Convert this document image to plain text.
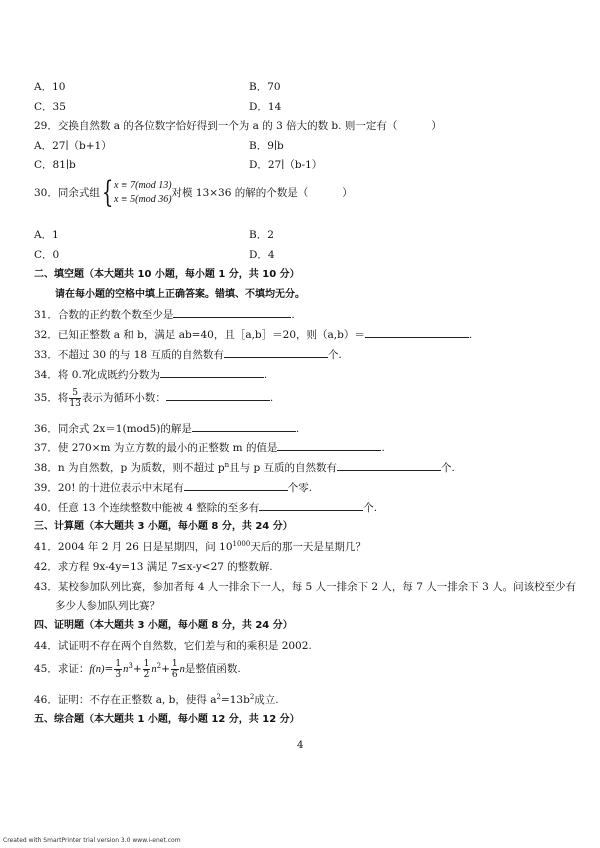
A．10	B．70
C．35	D．14
29．交换自然数 a 的各位数字恰好得到一个为 a 的 3 倍大的数 b. 则一定有（	）
A．27∣（b+1）	B．9∣b
C．81∣b	D．27∣（b-1）
30．同余式组{ x ≡ 7(mod 13)
x ≡ 5(mod 36)
对模 13×36 的解的个数是（	）
A．1	B．2
C．0	D．4
二、填空题（本大题共 10 小题，每小题 1 分，共 10 分）
请在每小题的空格中填上正确答案。错填、不填均无分。
31．合数的正约数个数至少是	.
32．已知正整数 a 和 b，满足 ab=40，且［a,b］＝20，则（a,b）＝	.
33．不超过 30 的与 18 互质的自然数有	个.
34．将 0.7化成既约分数为	.
35．将 $\frac{5}{13}$ 表示为循环小数：	.
36．同余式 2x＝1(mod5)的解是	.
37．使 270×m 为立方数的最小的正整数 m 的值是	.
38．n 为自然数，p 为质数，则不超过 $p^n$且与 p 互质的自然数有	个.
39．20! 的十进位表示中末尾有	个零.
40．任意 13 个连续整数中能被 4 整除的至多有	个.
三、计算题（本大题共 3 小题，每小题 8 分，共 24 分）
41．2004 年 2 月 26 日是星期四，问 $10^{1000}$天后的那一天是星期几？
42．求方程 9x-4y=13 满足 7≤x-y<27 的整数解.
43．某校参加队列比赛，参加者每 4 人一排余下一人，每 5 人一排余下 2 人，每 7 人一排余下 3 人。问该校至少有
多少人参加队列比赛？
四、证明题（本大题共 3 小题，每小题 8 分，共 24 分）
44．试证明不存在两个自然数，它们差与和的乘积是 2002.
45．求证：$f(n)= \frac{1}{3} n^3+ \frac{1}{2} n^2+ \frac{1}{6}$ n是整值函数.
46．证明：不存在正整数 a, b，使得 $a^2=13b^2$成立.
五、综合题（本大题共 1 小题，每小题 12 分，共 12 分）
4
Created with SmartPrinter trial version 3.0 www.i-enet.com
